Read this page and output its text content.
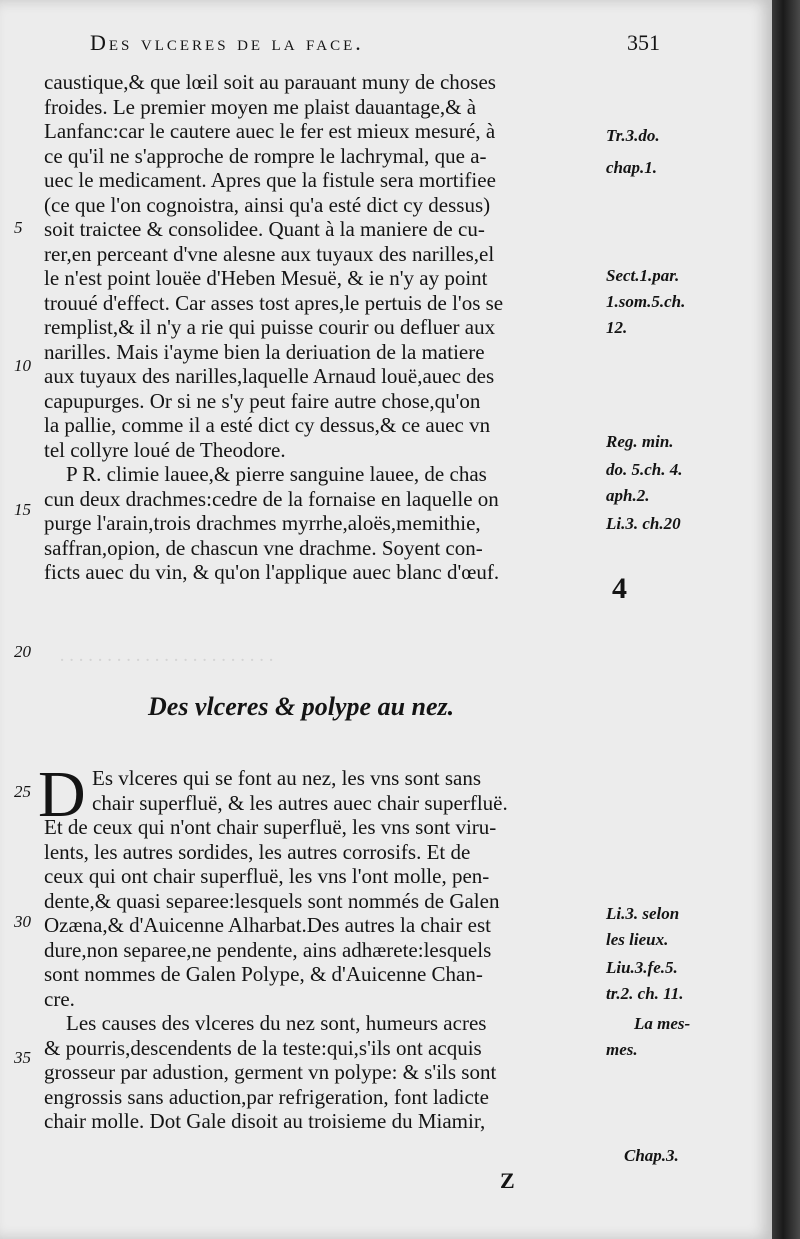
Des vlceres de la face.	351
· · · · · · · · · · · · · · · · · · · · · · ·
caustique,& que lœil soit au parauant muny de choses
froides. Le premier moyen me plaist dauantage,& à
Lanfanc:car le cautere auec le fer est mieux mesuré, à
ce qu'il ne s'approche de rompre le lachrymal, que a-
uec le medicament. Apres que la fistule sera mortifiee
(ce que l'on cognoistra, ainsi qu'a esté dict cy dessus)
soit traictee & consolidee. Quant à la maniere de cu-
rer,en perceant d'vne alesne aux tuyaux des narilles,el
le n'est point louëe d'Heben Mesuë, & ie n'y ay point
trouué d'effect. Car asses tost apres,le pertuis de l'os se
remplist,& il n'y a rie qui puisse courir ou defluer aux
narilles. Mais i'ayme bien la deriuation de la matiere
aux tuyaux des narilles,laquelle Arnaud louë,auec des
capupurges. Or si ne s'y peut faire autre chose,qu'on
la pallie, comme il a esté dict cy dessus,& ce auec vn
tel collyre loué de Theodore.
P R. climie lauee,& pierre sanguine lauee, de chas
cun deux drachmes:cedre de la fornaise en laquelle on
purge l'arain,trois drachmes myrrhe,aloës,memithie,
saffran,opion, de chascun vne drachme. Soyent con-
ficts auec du vin, & qu'on l'applique auec blanc d'œuf.
Des vlceres & polype au nez.
D Es vlceres qui se font au nez, les vns sont sans
chair superfluë, & les autres auec chair superfluë.
Et de ceux qui n'ont chair superfluë, les vns sont viru-
lents, les autres sordides, les autres corrosifs. Et de
ceux qui ont chair superfluë, les vns l'ont molle, pen-
dente,& quasi separee:lesquels sont nommés de Galen
Ozæna,& d'Auicenne Alharbat.Des autres la chair est
dure,non separee,ne pendente, ains adhærete:lesquels
sont nommes de Galen Polype, & d'Auicenne Chan-
cre.
Les causes des vlceres du nez sont, humeurs acres
& pourris,descendents de la teste:qui,s'ils ont acquis
grosseur par adustion, germent vn polype: & s'ils sont
engrossis sans aduction,par refrigeration, font ladicte
chair molle. Dot Gale disoit au troisieme du Miamir,
5
10
15
20
25
30
35
Tr.3.do.
chap.1.
Sect.1.par.
1.som.5.ch.
12.
Reg. min.
do. 5.ch. 4.
aph.2.
Li.3. ch.20
Li.3. selon
les lieux.
Liu.3.fe.5.
tr.2. ch. 11.
La mes-
mes.
Chap.3.
4
Z
